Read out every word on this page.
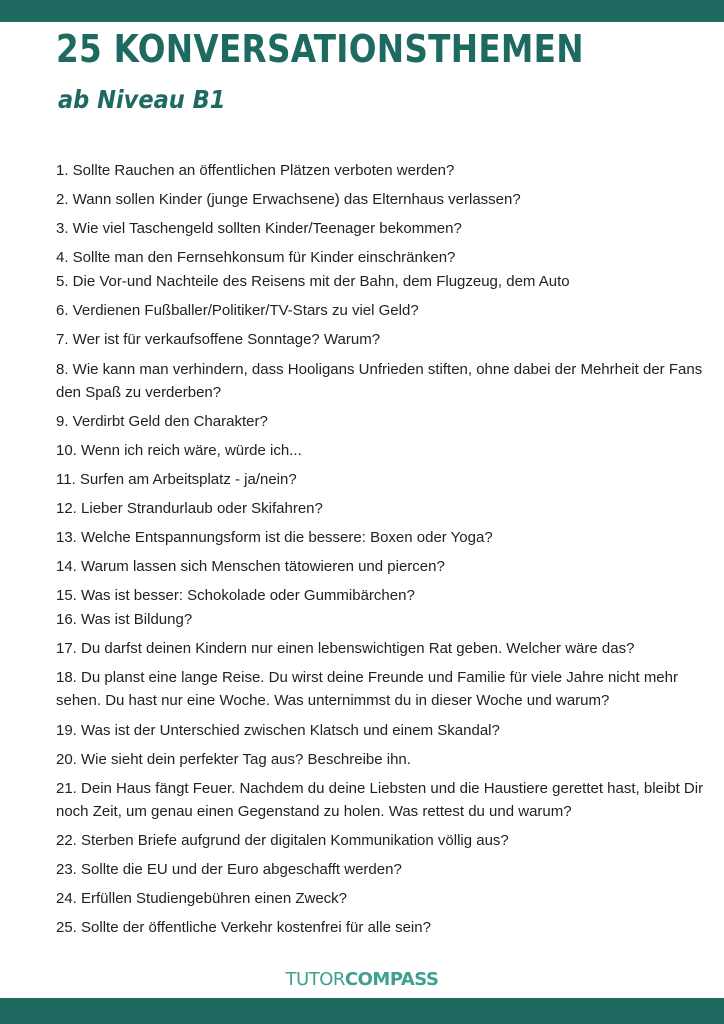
25 KONVERSATIONSTHEMEN
ab Niveau B1
1. Sollte Rauchen an öffentlichen Plätzen verboten werden?
2. Wann sollen Kinder (junge Erwachsene) das Elternhaus verlassen?
3. Wie viel Taschengeld sollten Kinder/Teenager bekommen?
4. Sollte man den Fernsehkonsum für Kinder einschränken?
5. Die Vor-und Nachteile des Reisens mit der Bahn, dem Flugzeug, dem Auto
6. Verdienen Fußballer/Politiker/TV-Stars zu viel Geld?
7. Wer ist für verkaufsoffene Sonntage? Warum?
8. Wie kann man verhindern, dass Hooligans Unfrieden stiften, ohne dabei der Mehrheit der Fans den Spaß zu verderben?
9. Verdirbt Geld den Charakter?
10. Wenn ich reich wäre, würde ich...
11. Surfen am Arbeitsplatz - ja/nein?
12. Lieber Strandurlaub oder Skifahren?
13. Welche Entspannungsform ist die bessere: Boxen oder Yoga?
14. Warum lassen sich Menschen tätowieren und piercen?
15. Was ist besser: Schokolade oder Gummibärchen?
16. Was ist Bildung?
17. Du darfst deinen Kindern nur einen lebenswichtigen Rat geben. Welcher wäre das?
18. Du planst eine lange Reise. Du wirst deine Freunde und Familie für viele Jahre nicht mehr sehen. Du hast nur eine Woche. Was unternimmst du in dieser Woche und warum?
19. Was ist der Unterschied zwischen Klatsch und einem Skandal?
20. Wie sieht dein perfekter Tag aus? Beschreibe ihn.
21. Dein Haus fängt Feuer. Nachdem du deine Liebsten und die Haustiere gerettet hast, bleibt Dir noch Zeit, um genau einen Gegenstand zu holen. Was rettest du und warum?
22. Sterben Briefe aufgrund der digitalen Kommunikation völlig aus?
23. Sollte die EU und der Euro abgeschafft werden?
24. Erfüllen Studiengebühren einen Zweck?
25. Sollte der öffentliche Verkehr kostenfrei für alle sein?
TUTORCOMPASS
